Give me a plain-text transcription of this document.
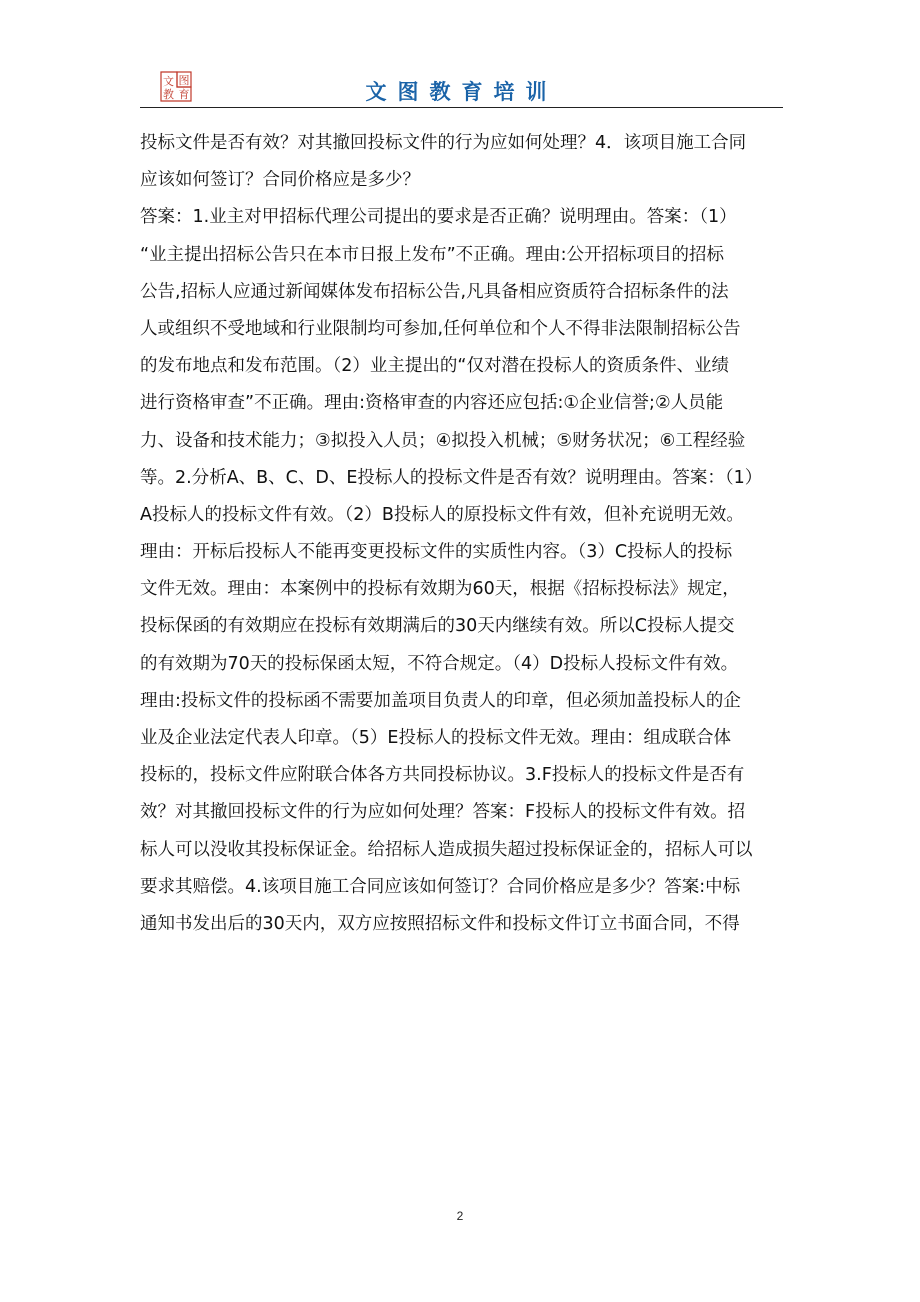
文 图
教 育	文图教育培训
投标文件是否有效？对其撤回投标文件的行为应如何处理？4．该项目施工合同
应该如何签订？合同价格应是多少？
答案：1.业主对甲招标代理公司提出的要求是否正确？说明理由。答案：（1）
“业主提出招标公告只在本市日报上发布”不正确。理由:公开招标项目的招标
公告,招标人应通过新闻媒体发布招标公告,凡具备相应资质符合招标条件的法
人或组织不受地域和行业限制均可参加,任何单位和个人不得非法限制招标公告
的发布地点和发布范围。（2）业主提出的“仅对潜在投标人的资质条件、业绩
进行资格审查”不正确。理由:资格审查的内容还应包括:①企业信誉;②人员能
力、设备和技术能力；③拟投入人员；④拟投入机械；⑤财务状况；⑥工程经验
等。2.分析A、B、C、D、E投标人的投标文件是否有效？说明理由。答案：（1）
A投标人的投标文件有效。（2）B投标人的原投标文件有效，但补充说明无效。
理由：开标后投标人不能再变更投标文件的实质性内容。（3）C投标人的投标
文件无效。理由：本案例中的投标有效期为60天，根据《招标投标法》规定，
投标保函的有效期应在投标有效期满后的30天内继续有效。所以C投标人提交
的有效期为70天的投标保函太短，不符合规定。（4）D投标人投标文件有效。
理由:投标文件的投标函不需要加盖项目负责人的印章，但必须加盖投标人的企
业及企业法定代表人印章。（5）E投标人的投标文件无效。理由：组成联合体
投标的，投标文件应附联合体各方共同投标协议。3.F投标人的投标文件是否有
效？对其撤回投标文件的行为应如何处理？答案：F投标人的投标文件有效。招
标人可以没收其投标保证金。给招标人造成损失超过投标保证金的，招标人可以
要求其赔偿。4.该项目施工合同应该如何签订？合同价格应是多少？答案:中标
通知书发出后的30天内，双方应按照招标文件和投标文件订立书面合同，不得
2
